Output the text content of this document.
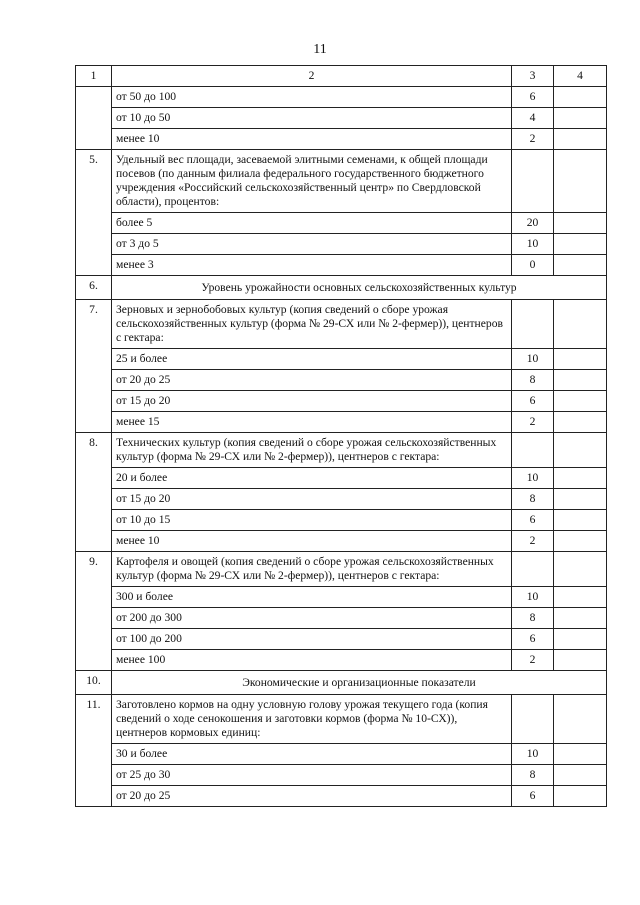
11
1	2	3	4
	от 50 до 100	6	
	от 10 до 50	4	
	менее 10	2	
5.	Удельный вес площади, засеваемой элитными семенами, к общей площади посевов (по данным филиала федерального государственного бюджетного учреждения «Российский сельскохозяйственный центр» по Свердловской области), процентов:		
	более 5	20	
	от 3 до 5	10	
	менее 3	0	
6.	Уровень урожайности основных сельскохозяйственных культур		
7.	Зерновых и зернобобовых культур (копия сведений о сборе урожая сельскохозяйственных культур (форма № 29-СХ или № 2-фермер)), центнеров с гектара:		
	25 и более	10	
	от 20 до 25	8	
	от 15 до 20	6	
	менее 15	2	
8.	Технических культур (копия сведений о сборе урожая сельскохозяйственных культур (форма № 29-СХ или № 2-фермер)), центнеров с гектара:		
	20 и более	10	
	от 15 до 20	8	
	от 10 до 15	6	
	менее 10	2	
9.	Картофеля и овощей (копия сведений о сборе урожая сельскохозяйственных культур (форма № 29-СХ или № 2-фермер)), центнеров с гектара:		
	300 и более	10	
	от 200 до 300	8	
	от 100 до 200	6	
	менее 100	2	
10.	Экономические и организационные показатели		
11.	Заготовлено кормов на одну условную голову урожая текущего года (копия сведений о ходе сенокошения и заготовки кормов (форма № 10-СХ)), центнеров кормовых единиц:		
	30 и более	10	
	от 25 до 30	8	
	от 20 до 25	6	
